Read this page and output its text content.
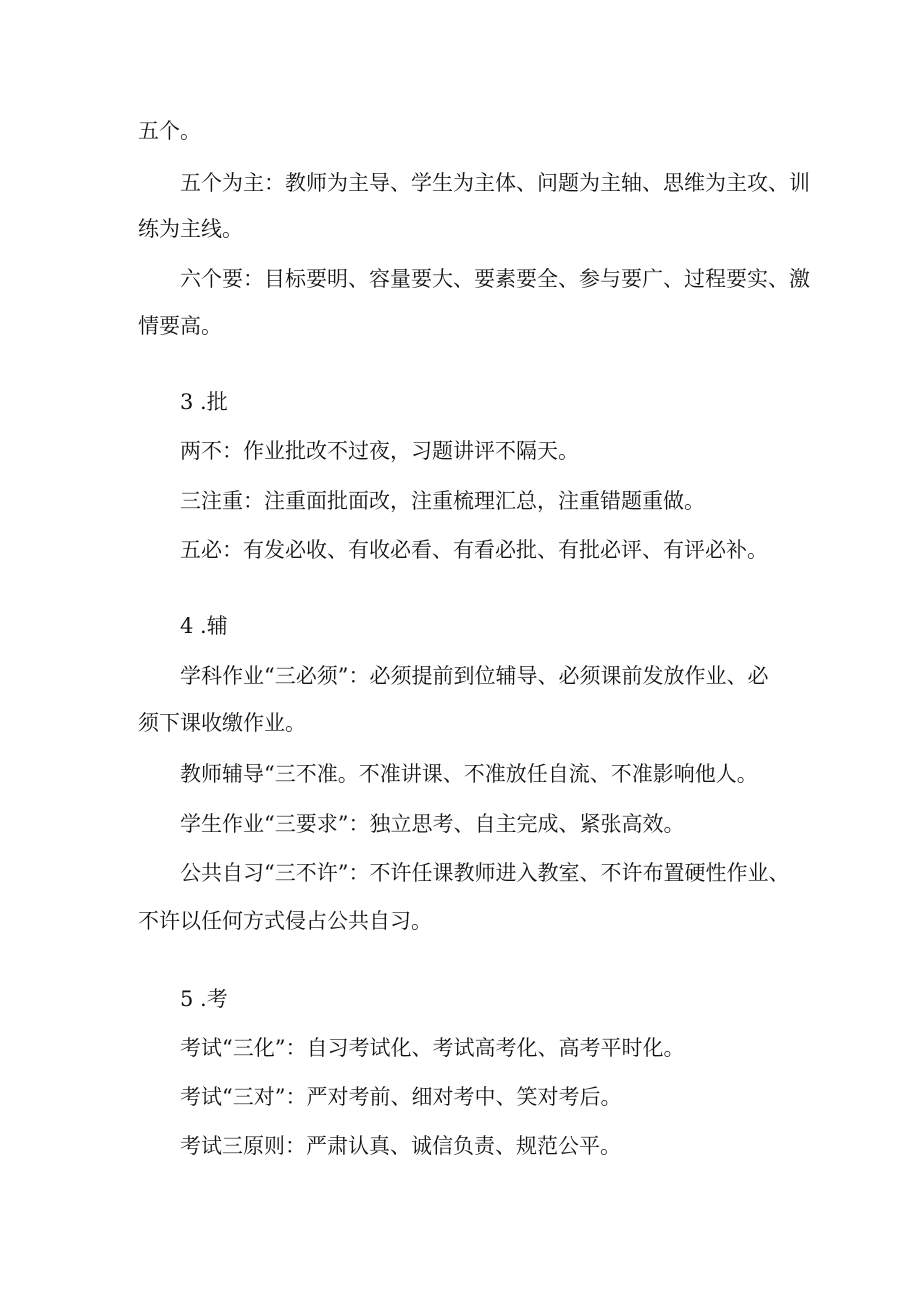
五个。

五个为主：教师为主导、学生为主体、问题为主轴、思维为主攻、训

练为主线。

六个要：目标要明、容量要大、要素要全、参与要广、过程要实、激

情要高。

3 .批

两不：作业批改不过夜，习题讲评不隔天。

三注重：注重面批面改，注重梳理汇总，注重错题重做。

五必：有发必收、有收必看、有看必批、有批必评、有评必补。

4 .辅

学科作业“三必须”：必须提前到位辅导、必须课前发放作业、必

须下课收缴作业。

教师辅导“三不准。不准讲课、不准放任自流、不准影响他人。

学生作业“三要求”：独立思考、自主完成、紧张高效。

公共自习“三不许”：不许任课教师进入教室、不许布置硬性作业、

不许以任何方式侵占公共自习。

5 .考

考试“三化”：自习考试化、考试高考化、高考平时化。

考试“三对”：严对考前、细对考中、笑对考后。

考试三原则：严肃认真、诚信负责、规范公平。
